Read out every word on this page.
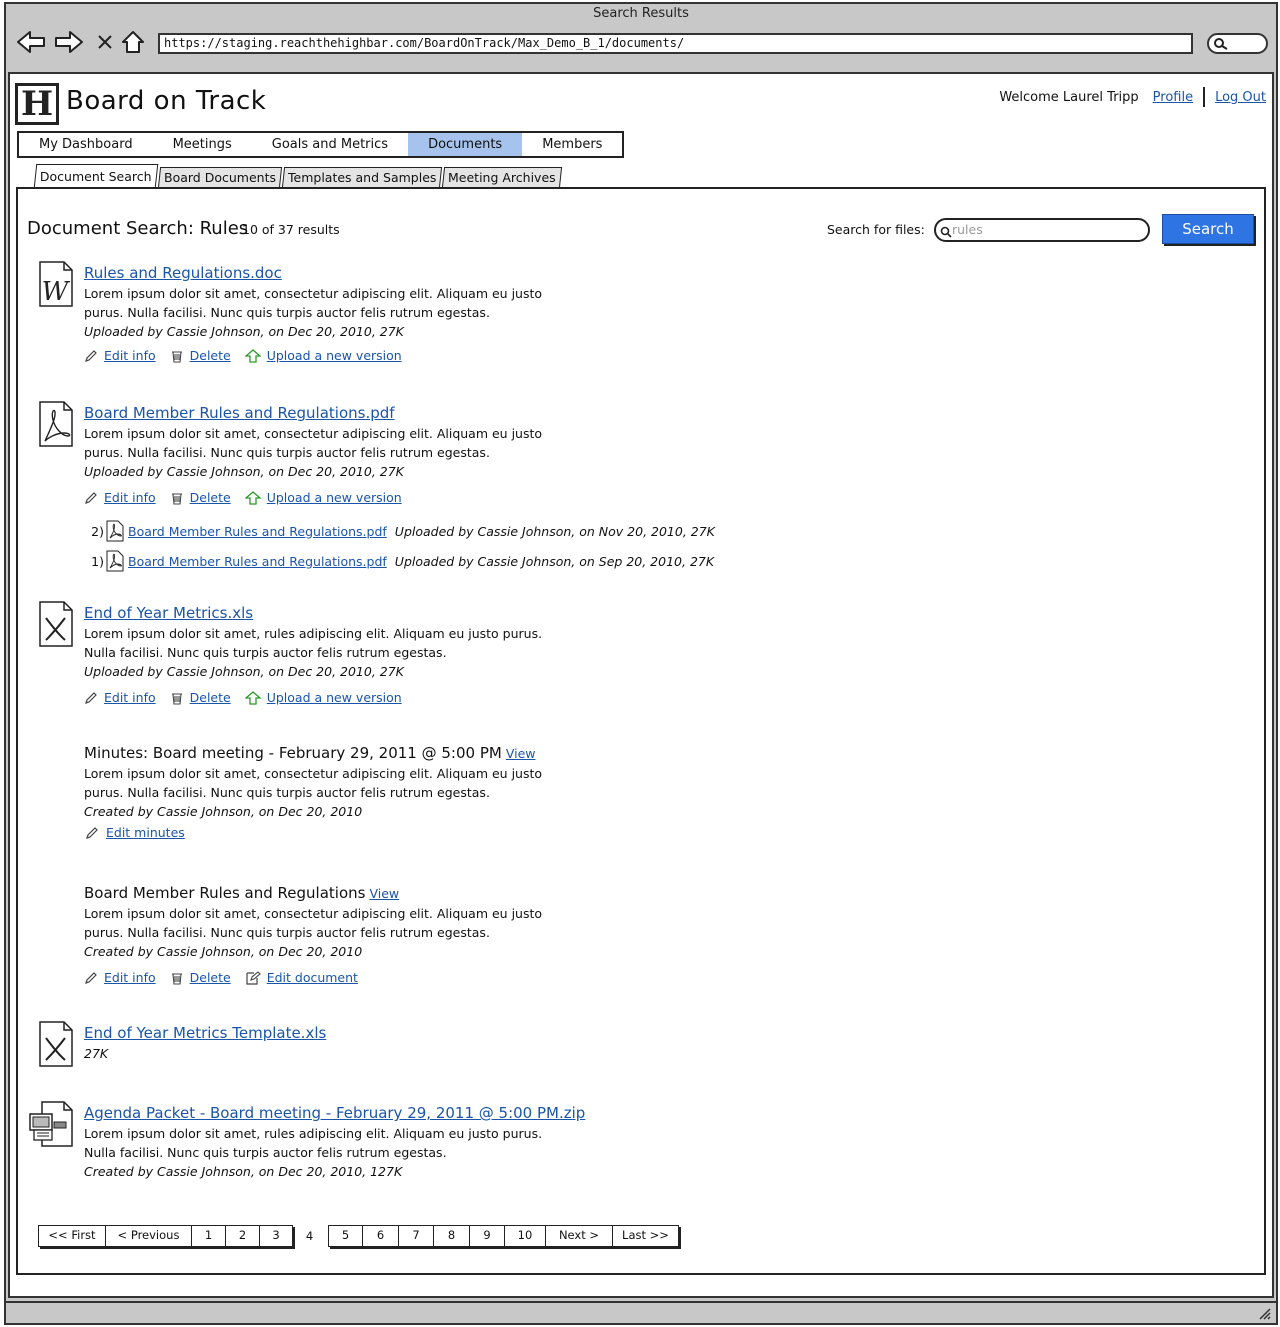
Search Results
https://staging.reachthehighbar.com/BoardOnTrack/Max_Demo_B_1/documents/
H Board on Track	Welcome Laurel Tripp Profile Log Out
My Dashboard	Meetings	Goals and Metrics	Documents	Members
Document Search Board Documents Templates and Samples Meeting Archives
Document Search: Rules
10 of 37 results	Search for files:	rules	Search
W
Rules and Regulations.doc
Lorem ipsum dolor sit amet, consectetur adipiscing elit. Aliquam eu justo
purus. Nulla facilisi. Nunc quis turpis auctor felis rutrum egestas.
Uploaded by Cassie Johnson, on Dec 20, 2010, 27K
Edit info	Delete	Upload a new version
Board Member Rules and Regulations.pdf
Lorem ipsum dolor sit amet, consectetur adipiscing elit. Aliquam eu justo
purus. Nulla facilisi. Nunc quis turpis auctor felis rutrum egestas.
Uploaded by Cassie Johnson, on Dec 20, 2010, 27K
Edit info	Delete	Upload a new version
2) Board Member Rules and Regulations.pdf Uploaded by Cassie Johnson, on Nov 20, 2010, 27K
1) Board Member Rules and Regulations.pdf Uploaded by Cassie Johnson, on Sep 20, 2010, 27K
End of Year Metrics.xls
Lorem ipsum dolor sit amet, rules adipiscing elit. Aliquam eu justo purus.
Nulla facilisi. Nunc quis turpis auctor felis rutrum egestas.
Uploaded by Cassie Johnson, on Dec 20, 2010, 27K
Edit info	Delete	Upload a new version
Minutes: Board meeting - February 29, 2011 @ 5:00 PM View
Lorem ipsum dolor sit amet, consectetur adipiscing elit. Aliquam eu justo
purus. Nulla facilisi. Nunc quis turpis auctor felis rutrum egestas.
Created by Cassie Johnson, on Dec 20, 2010
Edit minutes
Board Member Rules and Regulations View
Lorem ipsum dolor sit amet, consectetur adipiscing elit. Aliquam eu justo
purus. Nulla facilisi. Nunc quis turpis auctor felis rutrum egestas.
Created by Cassie Johnson, on Dec 20, 2010
Edit info	Delete	Edit document
End of Year Metrics Template.xls
27K
Agenda Packet - Board meeting - February 29, 2011 @ 5:00 PM.zip
Lorem ipsum dolor sit amet, rules adipiscing elit. Aliquam eu justo purus.
Nulla facilisi. Nunc quis turpis auctor felis rutrum egestas.
Created by Cassie Johnson, on Dec 20, 2010, 127K
<< First	< Previous	1	2	3	4	5	6	7	8	9	10	Next >	Last >>
